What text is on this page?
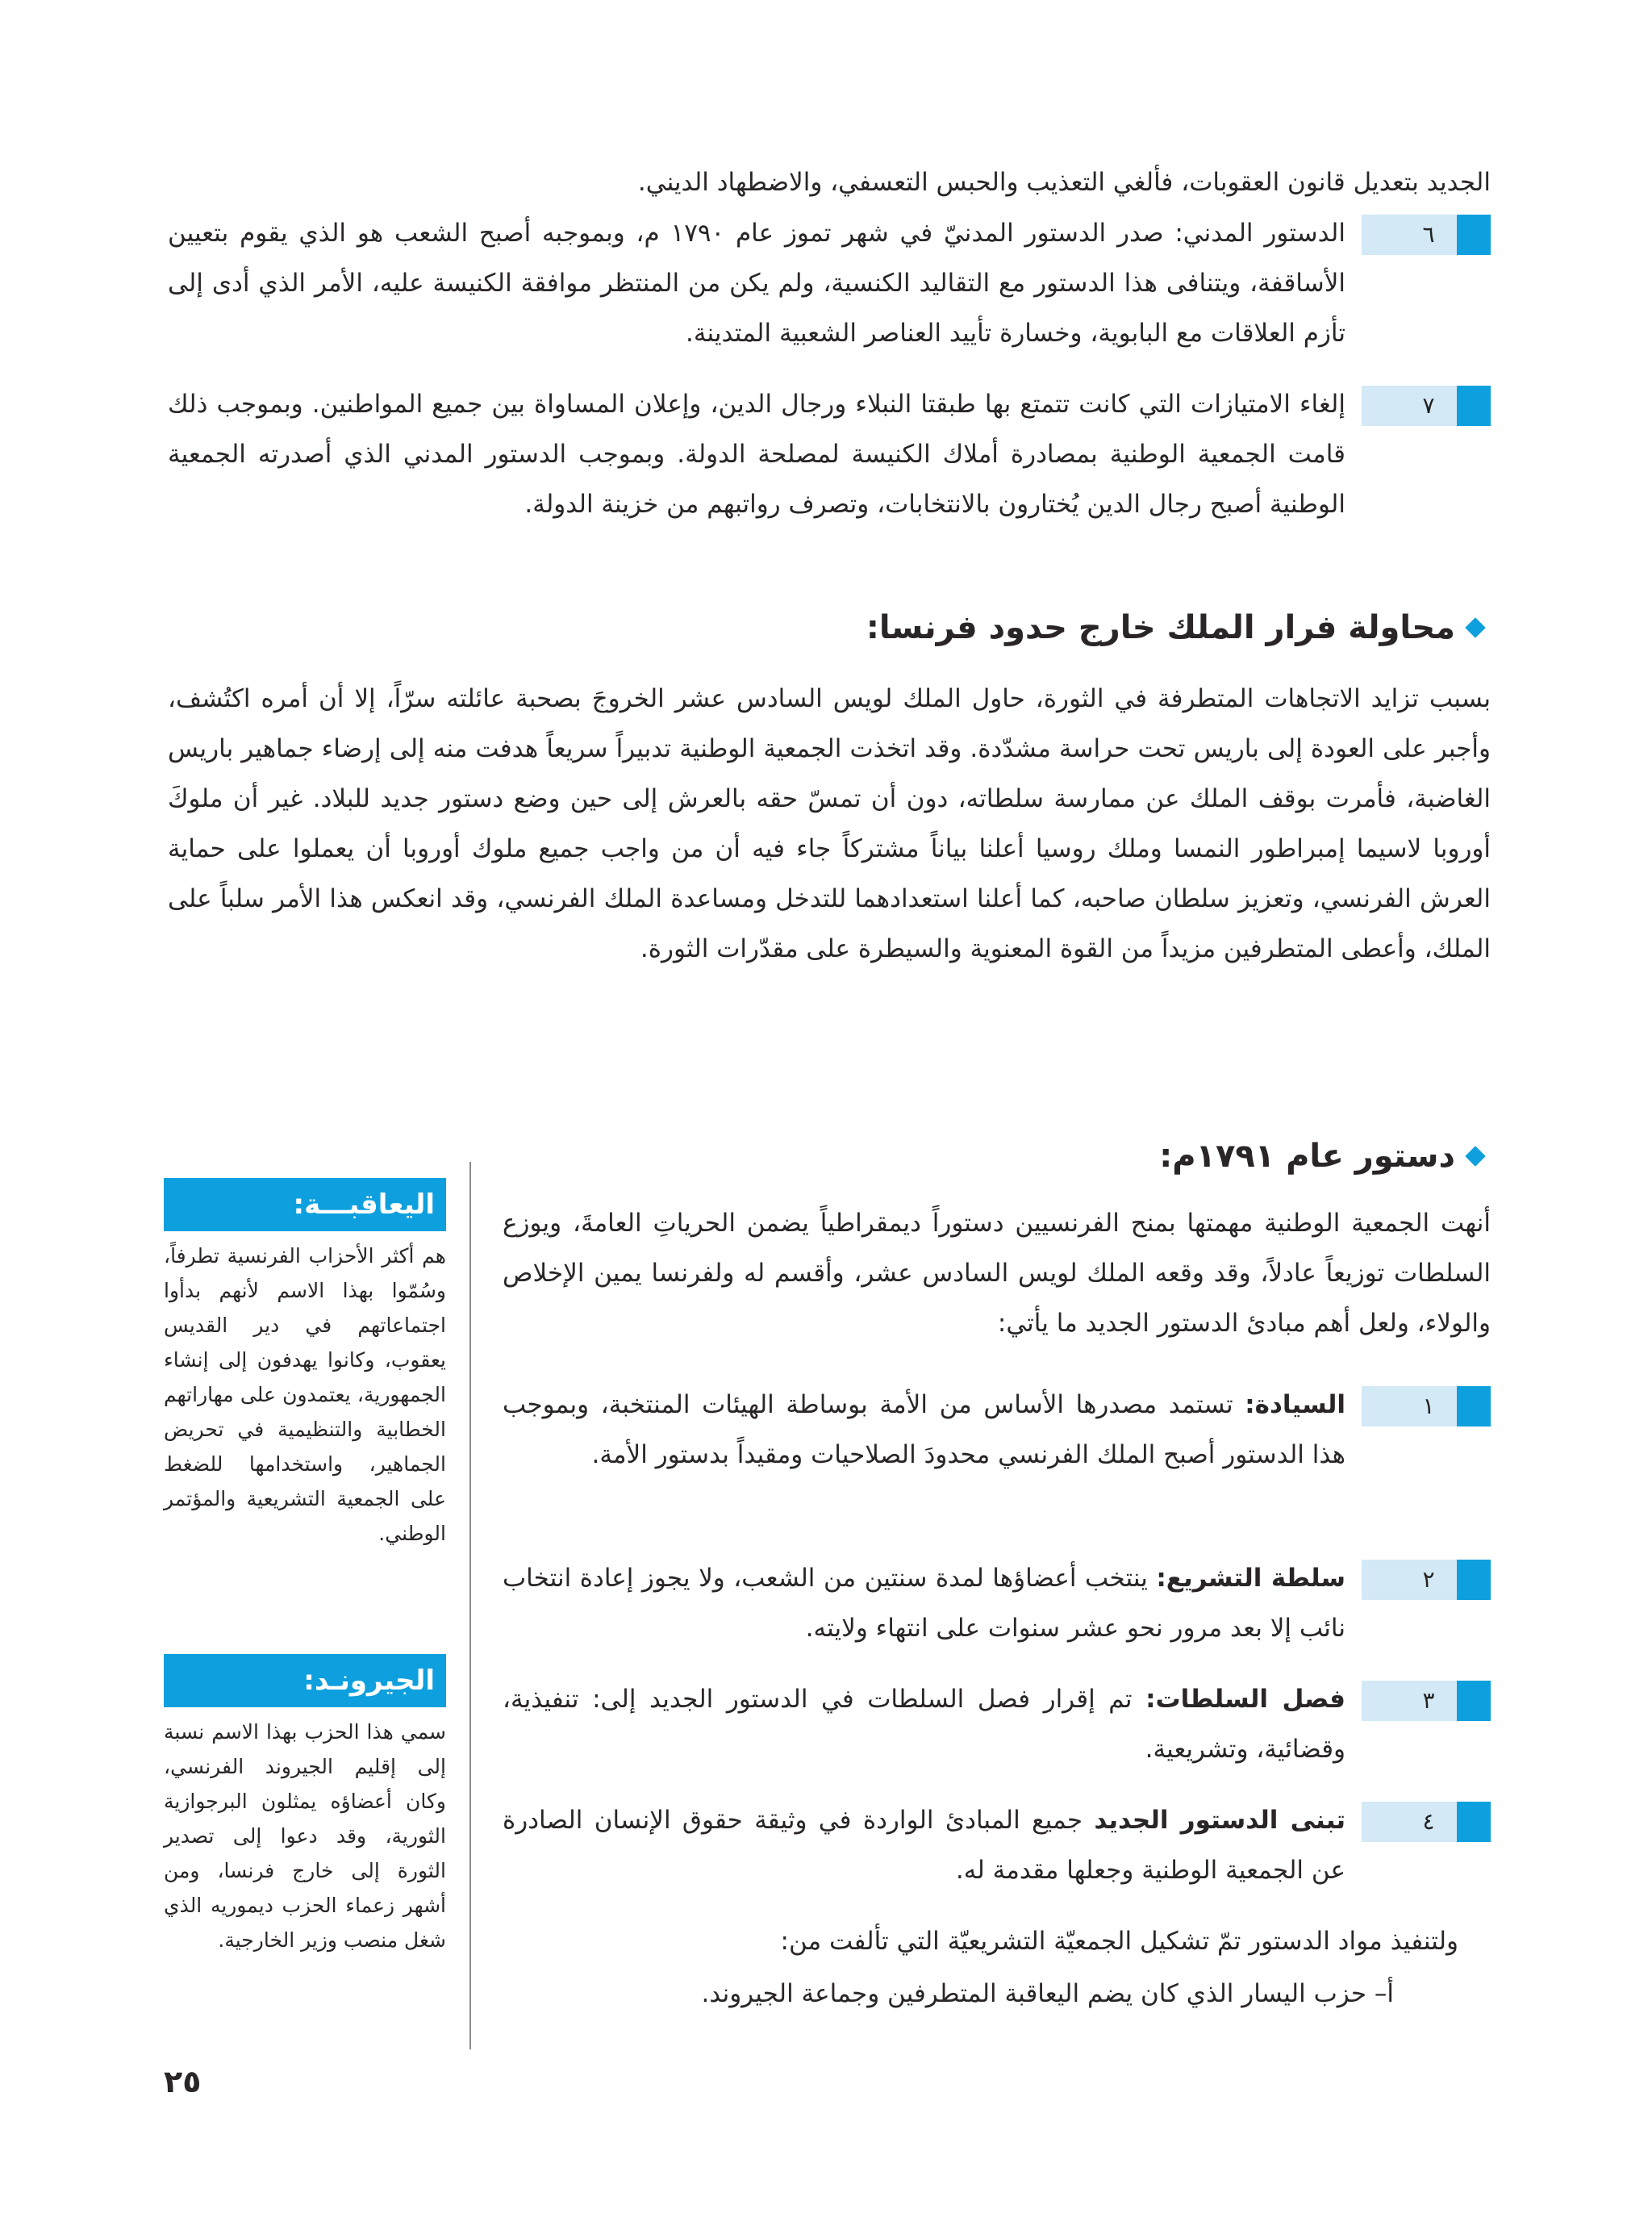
الجديد بتعديل قانون العقوبات، فألغي التعذيب والحبس التعسفي، والاضطهاد الديني.

٦

الدستور المدني: صدر الدستور المدنيّ في شهر تموز عام ١٧٩٠ م، وبموجبه أصبح الشعب هو الذي يقوم بتعيين الأساقفة، ويتنافى هذا الدستور مع التقاليد الكنسية، ولم يكن من المنتظر موافقة الكنيسة عليه، الأمر الذي أدى إلى تأزم العلاقات مع البابوية، وخسارة تأييد العناصر الشعبية المتدينة.

٧

إلغاء الامتيازات التي كانت تتمتع بها طبقتا النبلاء ورجال الدين، وإعلان المساواة بين جميع المواطنين. وبموجب ذلك قامت الجمعية الوطنية بمصادرة أملاك الكنيسة لمصلحة الدولة. وبموجب الدستور المدني الذي أصدرته الجمعية الوطنية أصبح رجال الدين يُختارون بالانتخابات، وتصرف رواتبهم من خزينة الدولة.

محاولة فرار الملك خارج حدود فرنسا:

بسبب تزايد الاتجاهات المتطرفة في الثورة، حاول الملك لويس السادس عشر الخروجَ بصحبة عائلته سرّاً، إلا أن أمره اكتُشف، وأجبر على العودة إلى باريس تحت حراسة مشدّدة. وقد اتخذت الجمعية الوطنية تدبيراً سريعاً هدفت منه إلى إرضاء جماهير باريس الغاضبة، فأمرت بوقف الملك عن ممارسة سلطاته، دون أن تمسّ حقه بالعرش إلى حين وضع دستور جديد للبلاد. غير أن ملوكَ أوروبا لاسيما إمبراطور النمسا وملك روسيا أعلنا بياناً مشتركاً جاء فيه أن من واجب جميع ملوك أوروبا أن يعملوا على حماية العرش الفرنسي، وتعزيز سلطان صاحبه، كما أعلنا استعدادهما للتدخل ومساعدة الملك الفرنسي، وقد انعكس هذا الأمر سلباً على الملك، وأعطى المتطرفين مزيداً من القوة المعنوية والسيطرة على مقدّرات الثورة.

دستور عام ١٧٩١م:

أنهت الجمعية الوطنية مهمتها بمنح الفرنسيين دستوراً ديمقراطياً يضمن الحرياتِ العامةَ، ويوزع السلطات توزيعاً عادلاً، وقد وقعه الملك لويس السادس عشر، وأقسم له ولفرنسا يمين الإخلاص والولاء، ولعل أهم مبادئ الدستور الجديد ما يأتي:

١

السيادة: تستمد مصدرها الأساس من الأمة بوساطة الهيئات المنتخبة، وبموجب هذا الدستور أصبح الملك الفرنسي محدودَ الصلاحيات ومقيداً بدستور الأمة.

٢

سلطة التشريع: ينتخب أعضاؤها لمدة سنتين من الشعب، ولا يجوز إعادة انتخاب نائب إلا بعد مرور نحو عشر سنوات على انتهاء ولايته.

٣

فصل السلطات: تم إقرار فصل السلطات في الدستور الجديد إلى: تنفيذية، وقضائية، وتشريعية.

٤

تبنى الدستور الجديد جميع المبادئ الواردة في وثيقة حقوق الإنسان الصادرة عن الجمعية الوطنية وجعلها مقدمة له.

ولتنفيذ مواد الدستور تمّ تشكيل الجمعيّة التشريعيّة التي تألفت من:

أ– حزب اليسار الذي كان يضم اليعاقبة المتطرفين وجماعة الجيروند.

اليعاقبـــة:

هم أكثر الأحزاب الفرنسية تطرفاً، وسُمّوا بهذا الاسم لأنهم بدأوا اجتماعاتهم في دير القديس يعقوب، وكانوا يهدفون إلى إنشاء الجمهورية، يعتمدون على مهاراتهم الخطابية والتنظيمية في تحريض الجماهير، واستخدامها للضغط على الجمعية التشريعية والمؤتمر الوطني.

الجيرونـد:

سمي هذا الحزب بهذا الاسم نسبة إلى إقليم الجيروند الفرنسي، وكان أعضاؤه يمثلون البرجوازية الثورية، وقد دعوا إلى تصدير الثورة إلى خارج فرنسا، ومن أشهر زعماء الحزب ديموريه الذي شغل منصب وزير الخارجية.

٢٥
